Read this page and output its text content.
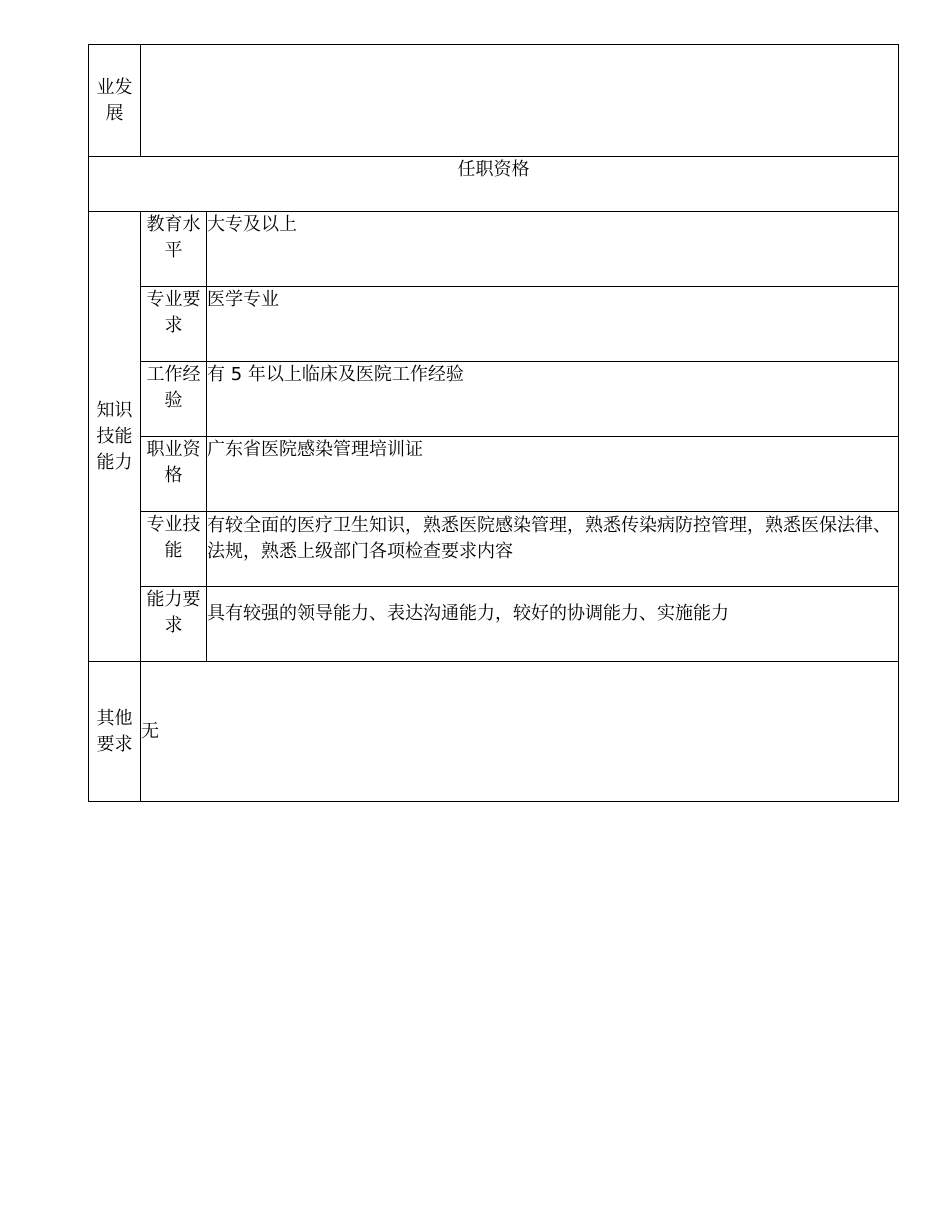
业发展		
任职资格		
知识技能能力	教育水平	大专及以上
	专业要求	医学专业
	工作经验	有 5 年以上临床及医院工作经验
	职业资格	广东省医院感染管理培训证
	专业技能	有较全面的医疗卫生知识，熟悉医院感染管理，熟悉传染病防控管理，熟悉医保法律、法规，熟悉上级部门各项检查要求内容
	能力要求	具有较强的领导能力、表达沟通能力，较好的协调能力、实施能力
其他要求	无	
